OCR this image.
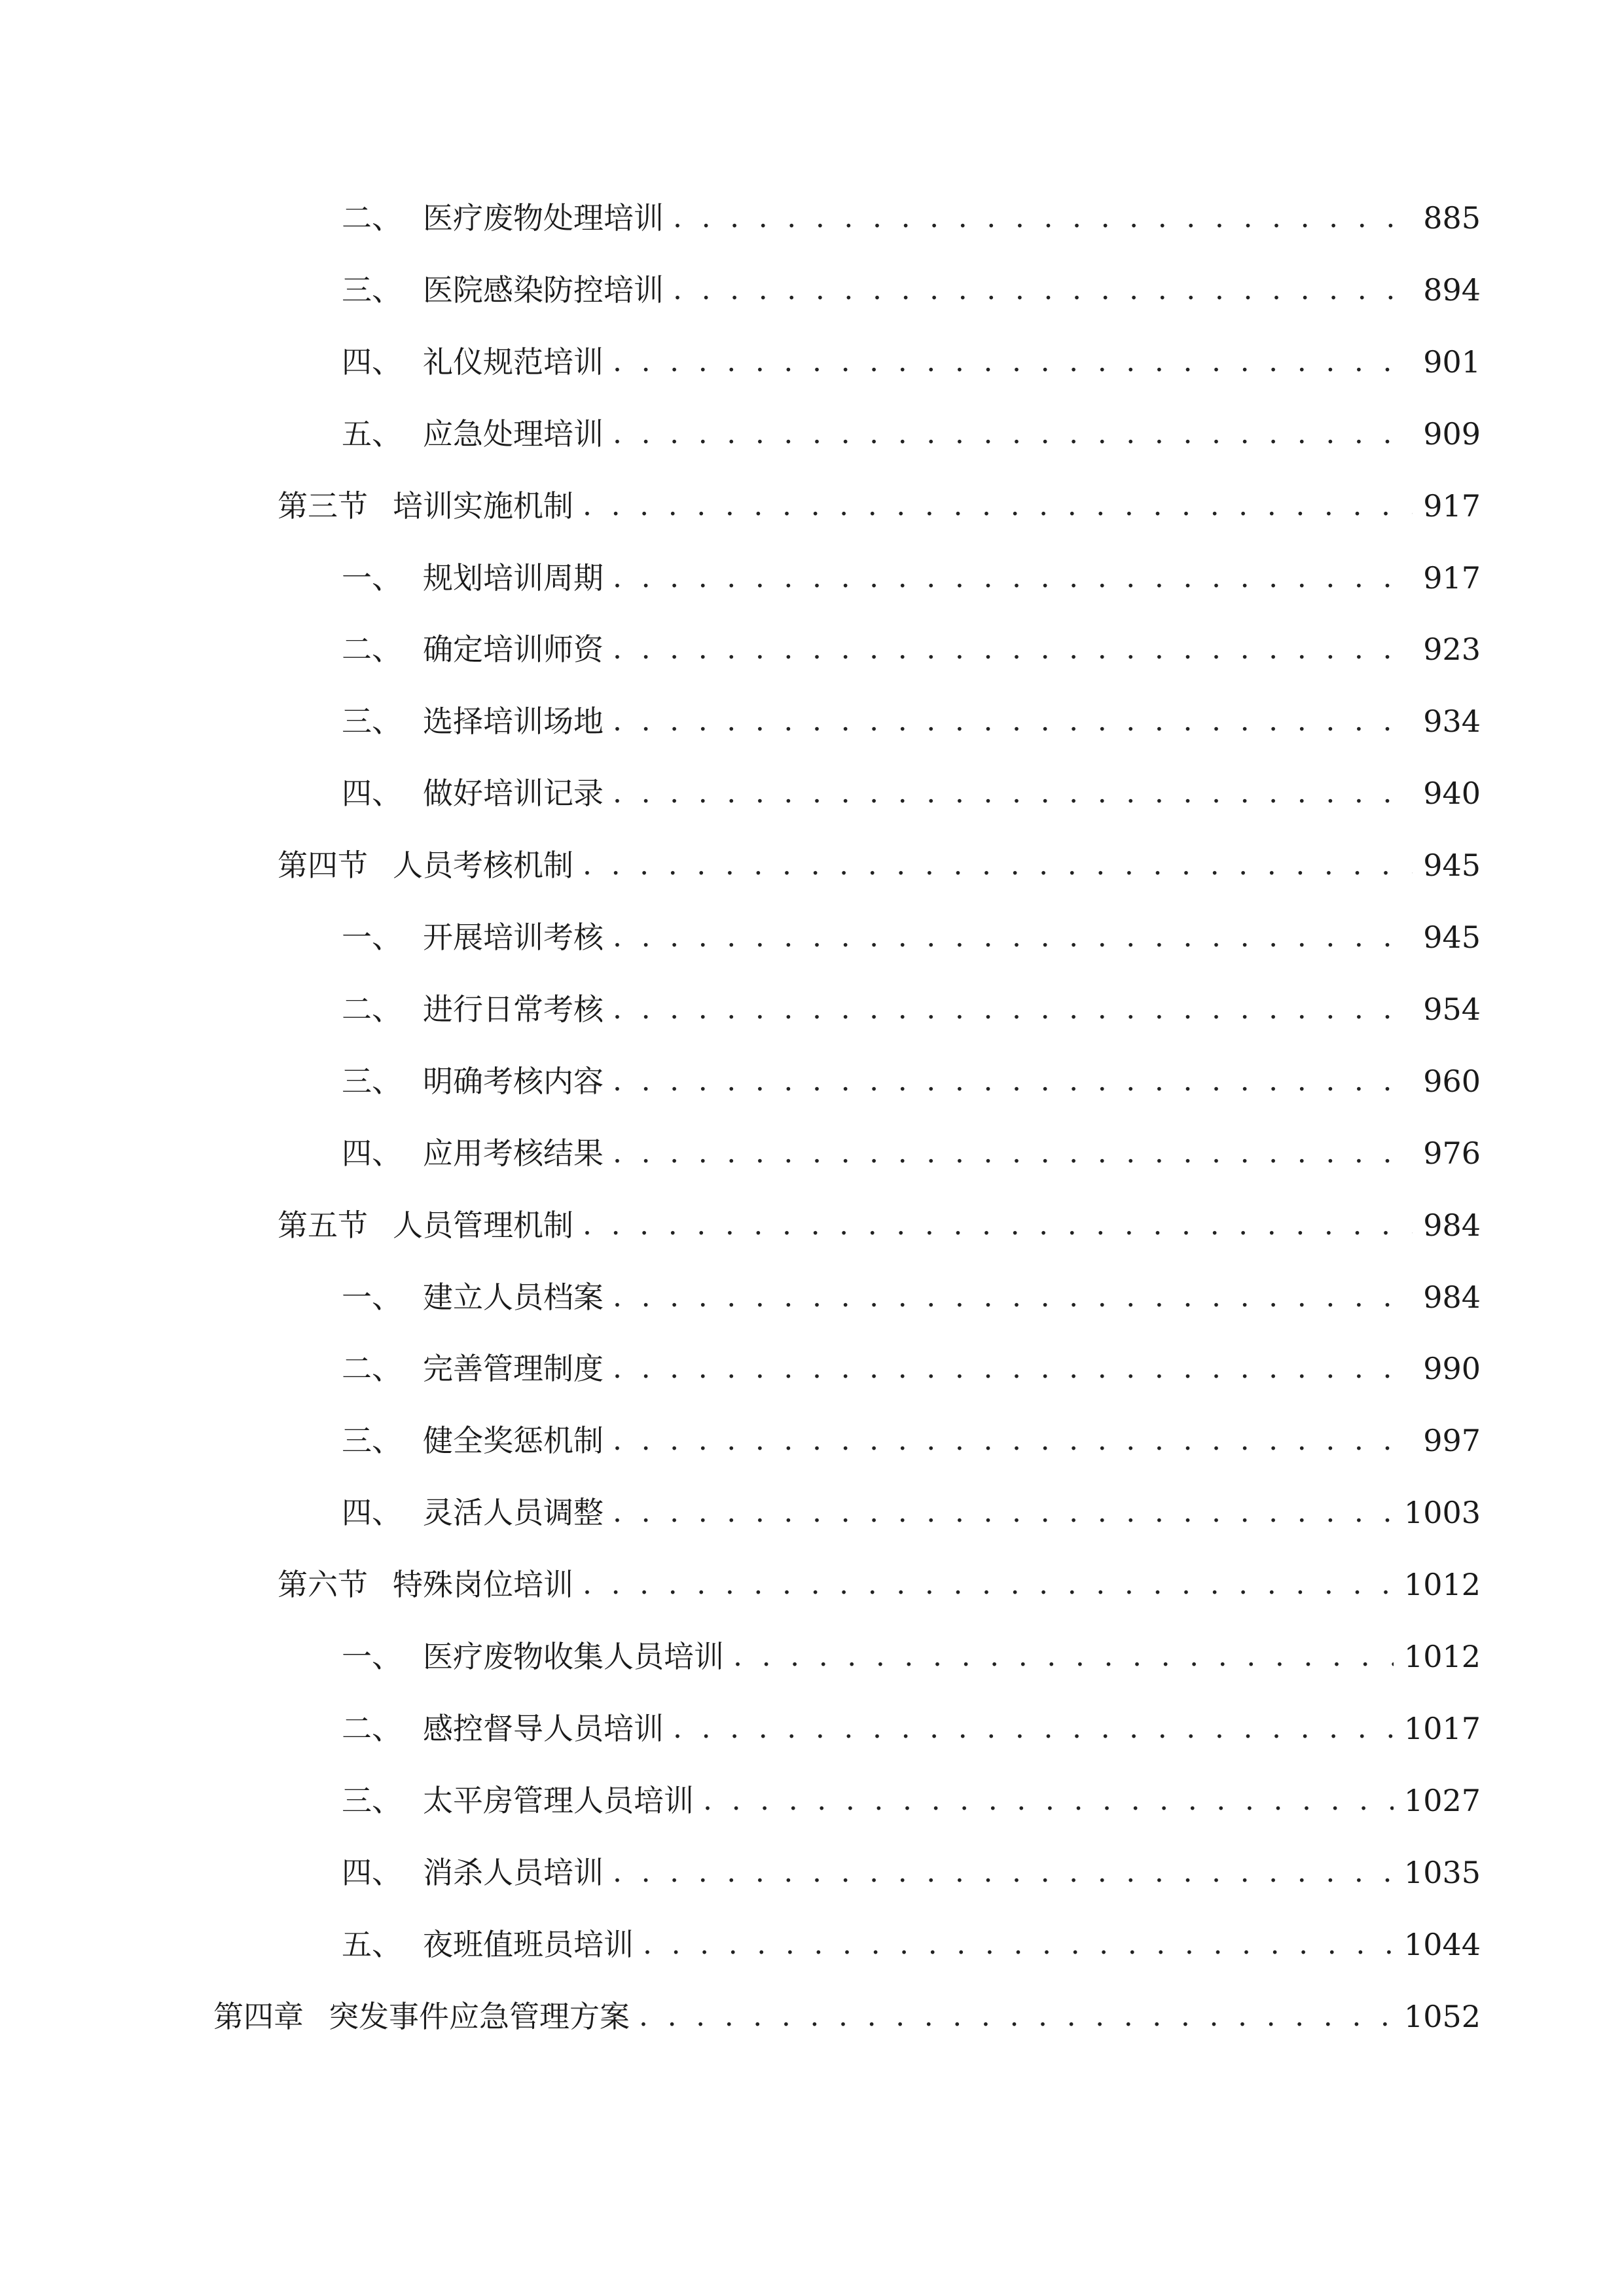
二、 医疗废物处理培训 . . .	885
三、 医院感染防控培训 . . .	894
四、 礼仪规范培训 . . .	901
五、 应急处理培训 . . .	909
第三节 培训实施机制 . . .	917
一、 规划培训周期 . . .	917
二、 确定培训师资 . . .	923
三、 选择培训场地 . . .	934
四、 做好培训记录 . . .	940
第四节 人员考核机制 . . .	945
一、 开展培训考核 . . .	945
二、 进行日常考核 . . .	954
三、 明确考核内容 . . .	960
四、 应用考核结果 . . .	976
第五节 人员管理机制 . . .	984
一、 建立人员档案 . . .	984
二、 完善管理制度 . . .	990
三、 健全奖惩机制 . . .	997
四、 灵活人员调整 . . .	1003
第六节 特殊岗位培训 . . .	1012
一、 医疗废物收集人员培训 . . .	1012
二、 感控督导人员培训 . . .	1017
三、 太平房管理人员培训 . . .	1027
四、 消杀人员培训 . . .	1035
五、 夜班值班员培训 . . .	1044
第四章 突发事件应急管理方案 . . .	1052
